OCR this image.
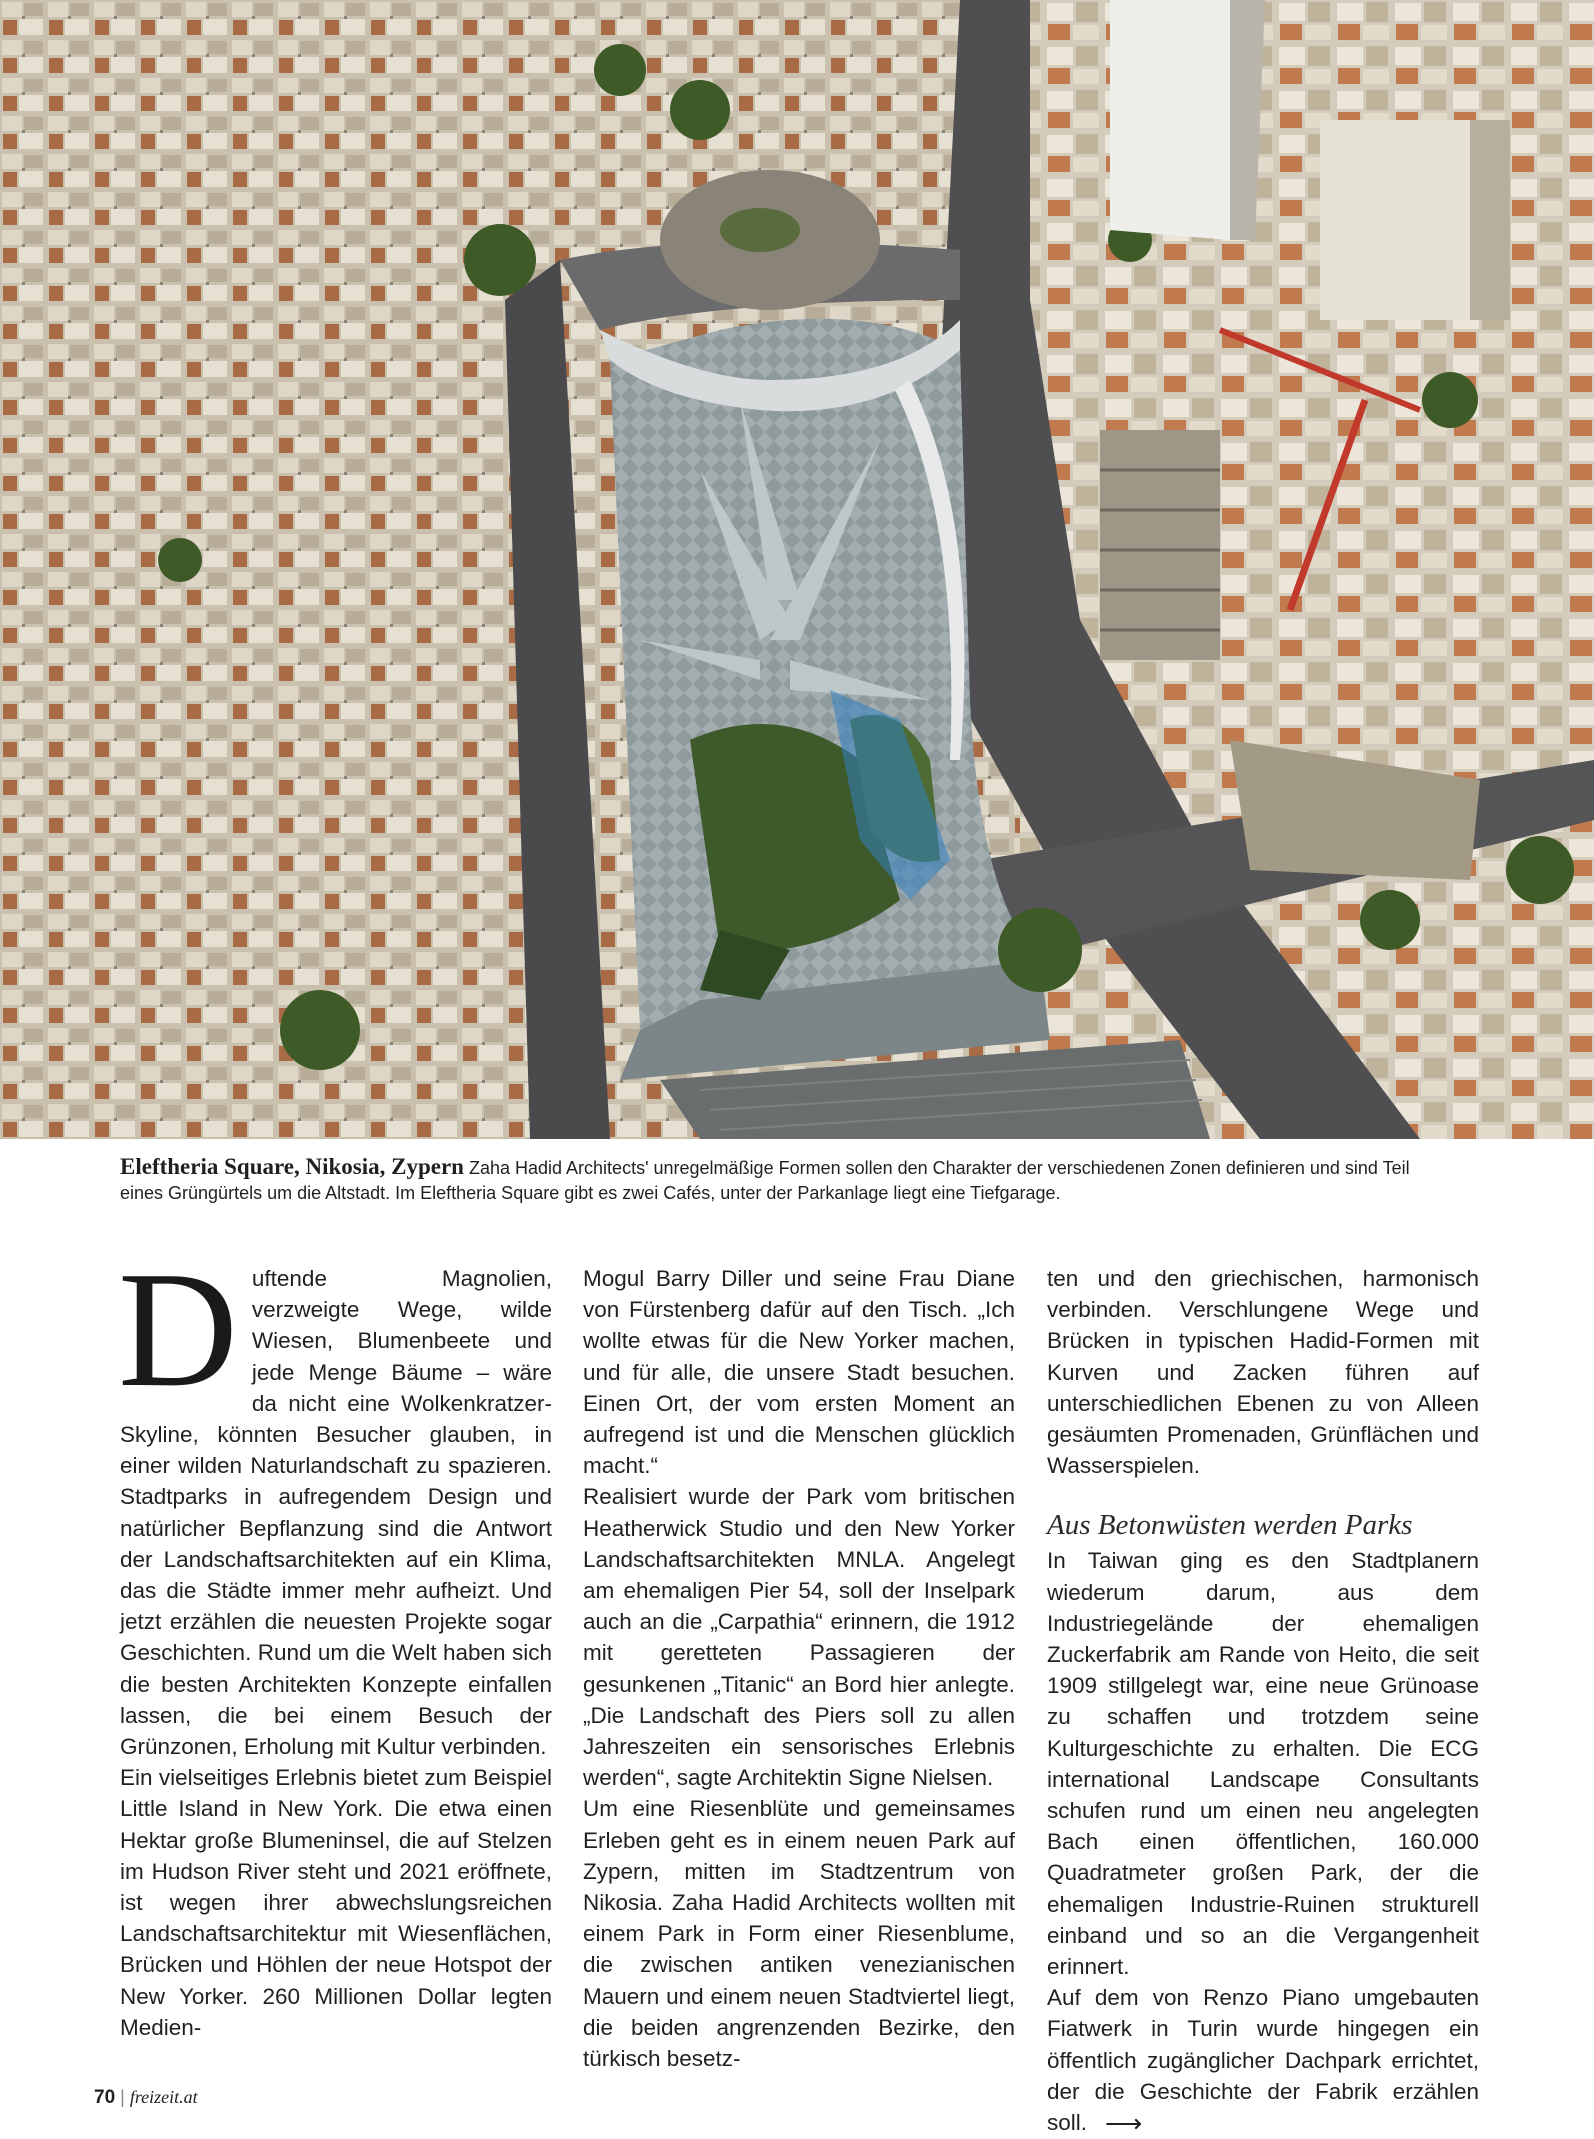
Eleftheria Square, Nikosia, Zypern Zaha Hadid Architects' unregelmäßige Formen sollen den Charakter der verschiedenen Zonen definieren und sind Teil eines Grüngürtels um die Altstadt. Im Eleftheria Square gibt es zwei Cafés, unter der Parkanlage liegt eine Tiefgarage.

Duftende Magnolien, verzweigte Wege, wilde Wiesen, Blumenbeete und jede Menge Bäume – wäre da nicht eine Wolkenkratzer-Skyline, könnten Besucher glauben, in einer wilden Naturlandschaft zu spazieren. Stadtparks in aufregendem Design und natürlicher Bepflanzung sind die Antwort der Landschaftsarchitekten auf ein Klima, das die Städte immer mehr aufheizt. Und jetzt erzählen die neuesten Projekte sogar Geschichten. Rund um die Welt haben sich die besten Architekten Konzepte einfallen lassen, die bei einem Besuch der Grünzonen, Erholung mit Kultur verbinden.

Ein vielseitiges Erlebnis bietet zum Beispiel Little Island in New York. Die etwa einen Hektar große Blumeninsel, die auf Stelzen im Hudson River steht und 2021 eröffnete, ist wegen ihrer abwechslungsreichen Landschaftsarchitektur mit Wiesenflächen, Brücken und Höhlen der neue Hotspot der New Yorker. 260 Millionen Dollar legten Medien-

Mogul Barry Diller und seine Frau Diane von Fürstenberg dafür auf den Tisch. „Ich wollte etwas für die New Yorker machen, und für alle, die unsere Stadt besuchen. Einen Ort, der vom ersten Moment an aufregend ist und die Menschen glücklich macht.“

Realisiert wurde der Park vom britischen Heatherwick Studio und den New Yorker Landschaftsarchitekten MNLA. Angelegt am ehemaligen Pier 54, soll der Inselpark auch an die „Carpathia“ erinnern, die 1912 mit geretteten Passagieren der gesunkenen „Titanic“ an Bord hier anlegte. „Die Landschaft des Piers soll zu allen Jahreszeiten ein sensorisches Erlebnis werden“, sagte Architektin Signe Nielsen.

Um eine Riesenblüte und gemeinsames Erleben geht es in einem neuen Park auf Zypern, mitten im Stadtzentrum von Nikosia. Zaha Hadid Architects wollten mit einem Park in Form einer Riesenblume, die zwischen antiken venezianischen Mauern und einem neuen Stadtviertel liegt, die beiden angrenzenden Bezirke, den türkisch besetz-

ten und den griechischen, harmonisch verbinden. Verschlungene Wege und Brücken in typischen Hadid-Formen mit Kurven und Zacken führen auf unterschiedlichen Ebenen zu von Alleen gesäumten Promenaden, Grünflächen und Wasserspielen.

Aus Betonwüsten werden Parks

In Taiwan ging es den Stadtplanern wiederum darum, aus dem Industriegelände der ehemaligen Zuckerfabrik am Rande von Heito, die seit 1909 stillgelegt war, eine neue Grünoase zu schaffen und trotzdem seine Kulturgeschichte zu erhalten. Die ECG international Landscape Consultants schufen rund um einen neu angelegten Bach einen öffentlichen, 160.000 Quadratmeter großen Park, der die ehemaligen Industrie-Ruinen strukturell einband und so an die Vergangenheit erinnert.

Auf dem von Renzo Piano umgebauten Fiatwerk in Turin wurde hingegen ein öffentlich zugänglicher Dachpark errichtet, der die Geschichte der Fabrik erzählen soll. ⟶

70 | freizeit.at
